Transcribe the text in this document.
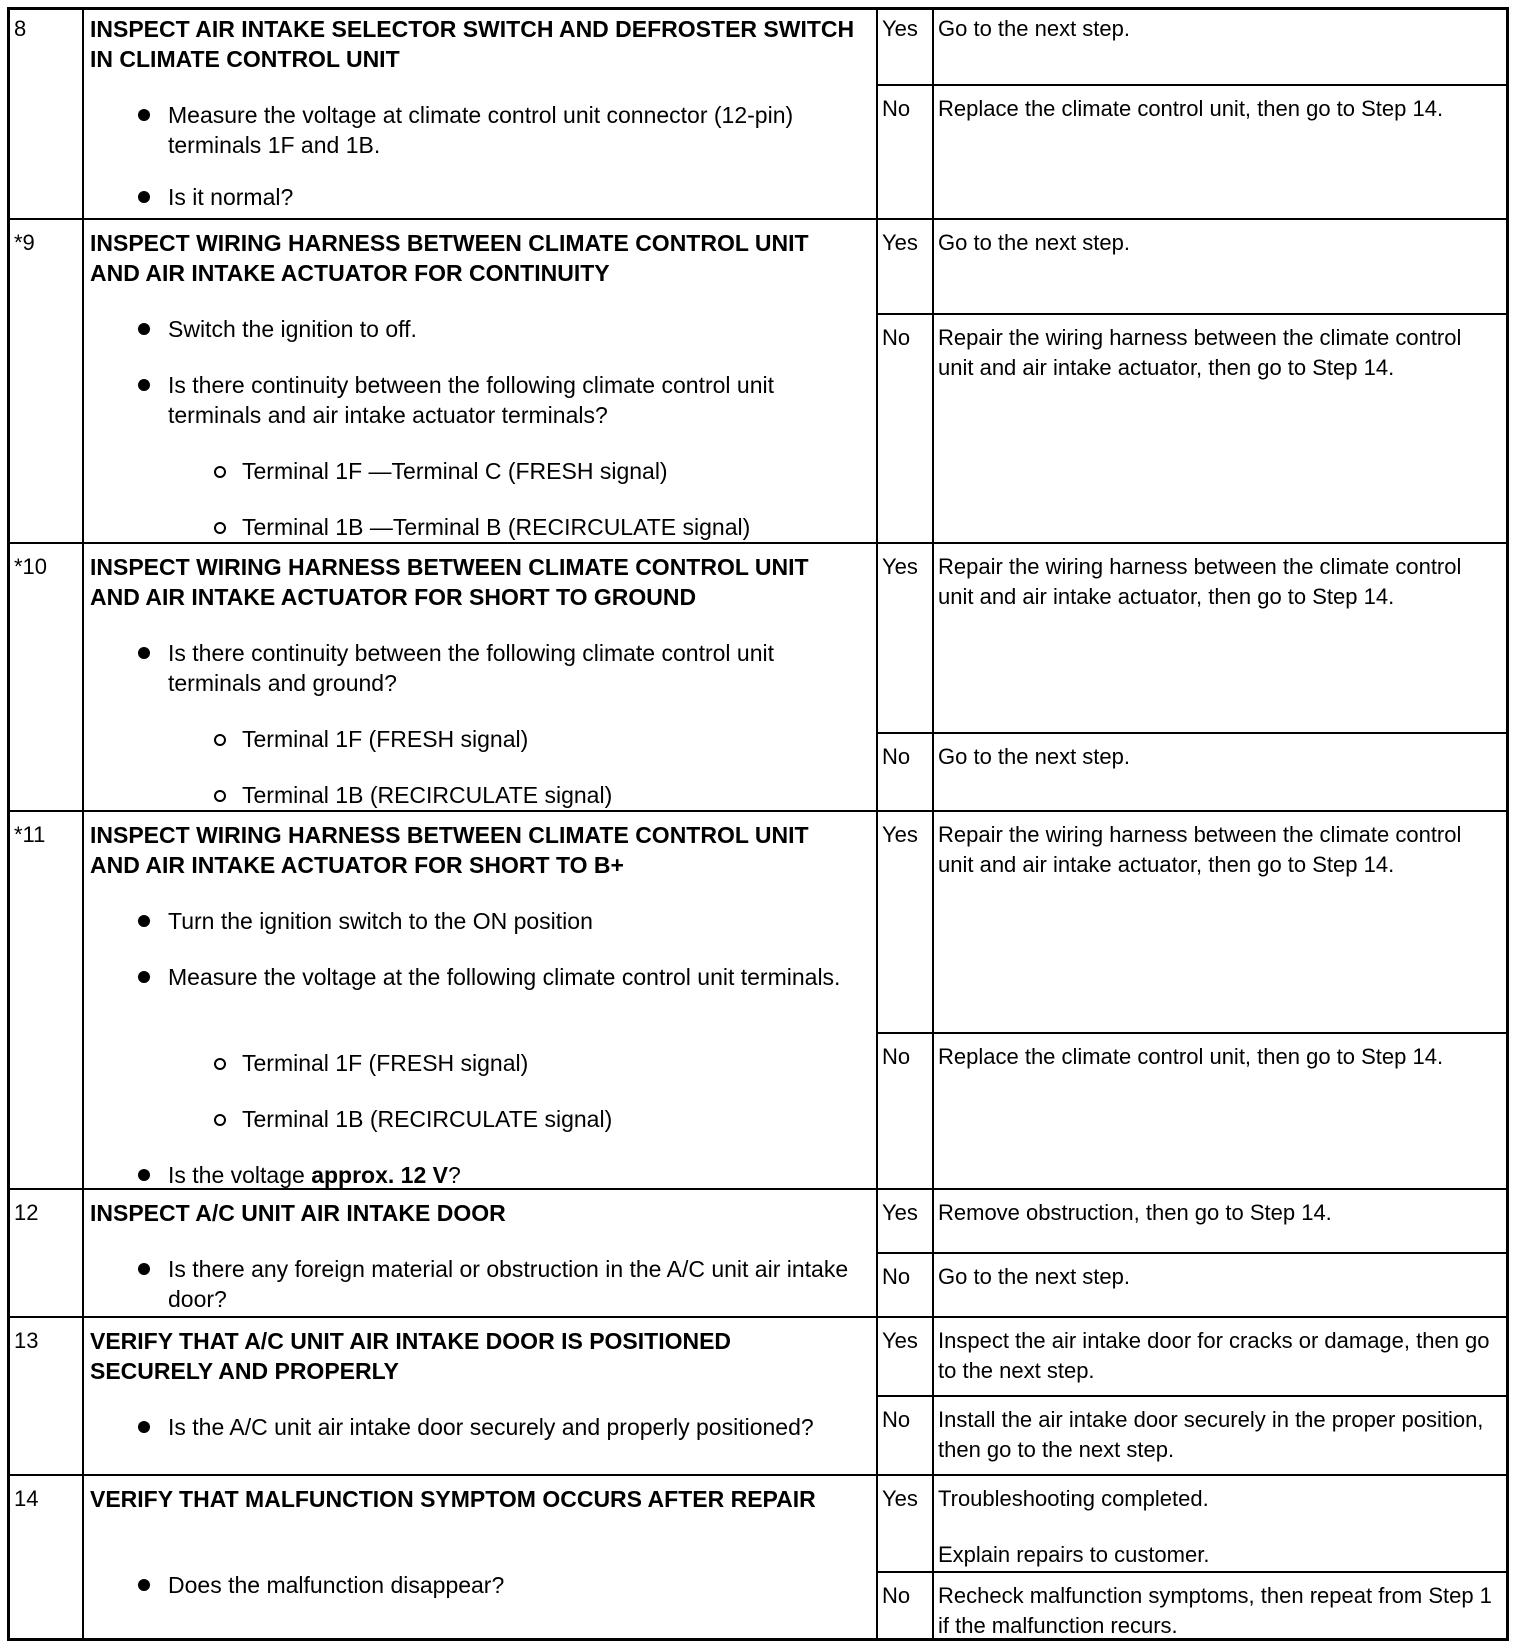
8	INSPECT AIR INTAKE SELECTOR SWITCH AND DEFROSTER SWITCH IN CLIMATE CONTROL UNIT
Measure the voltage at climate control unit connector (12-pin) terminals 1F and 1B.
Is it normal?
Yes Go to the next step.
No Replace the climate control unit, then go to Step 14.
*9 INSPECT WIRING HARNESS BETWEEN CLIMATE CONTROL UNIT AND AIR INTAKE ACTUATOR FOR CONTINUITY
Switch the ignition to off.
Is there continuity between the following climate control unit terminals and air intake actuator terminals?
Terminal 1F —Terminal C (FRESH signal)
Terminal 1B —Terminal B (RECIRCULATE signal)
Yes Go to the next step.
No Repair the wiring harness between the climate control unit and air intake actuator, then go to Step 14.
*10 INSPECT WIRING HARNESS BETWEEN CLIMATE CONTROL UNIT AND AIR INTAKE ACTUATOR FOR SHORT TO GROUND
Is there continuity between the following climate control unit terminals and ground?
Terminal 1F (FRESH signal)
Terminal 1B (RECIRCULATE signal)
Yes Repair the wiring harness between the climate control unit and air intake actuator, then go to Step 14.
No Go to the next step.
*11 INSPECT WIRING HARNESS BETWEEN CLIMATE CONTROL UNIT AND AIR INTAKE ACTUATOR FOR SHORT TO B+
Turn the ignition switch to the ON position
Measure the voltage at the following climate control unit terminals.
Terminal 1F (FRESH signal)
Terminal 1B (RECIRCULATE signal)
Is the voltage approx. 12 V?
Yes Repair the wiring harness between the climate control unit and air intake actuator, then go to Step 14.
No Replace the climate control unit, then go to Step 14.
12 INSPECT A/C UNIT AIR INTAKE DOOR
Is there any foreign material or obstruction in the A/C unit air intake door?
Yes Remove obstruction, then go to Step 14.
No Go to the next step.
13 VERIFY THAT A/C UNIT AIR INTAKE DOOR IS POSITIONED SECURELY AND PROPERLY
Is the A/C unit air intake door securely and properly positioned?
Yes Inspect the air intake door for cracks or damage, then go to the next step.
No Install the air intake door securely in the proper position, then go to the next step.
14 VERIFY THAT MALFUNCTION SYMPTOM OCCURS AFTER REPAIR
Does the malfunction disappear?
Yes Troubleshooting completed.
Explain repairs to customer.
No Recheck malfunction symptoms, then repeat from Step 1 if the malfunction recurs.
